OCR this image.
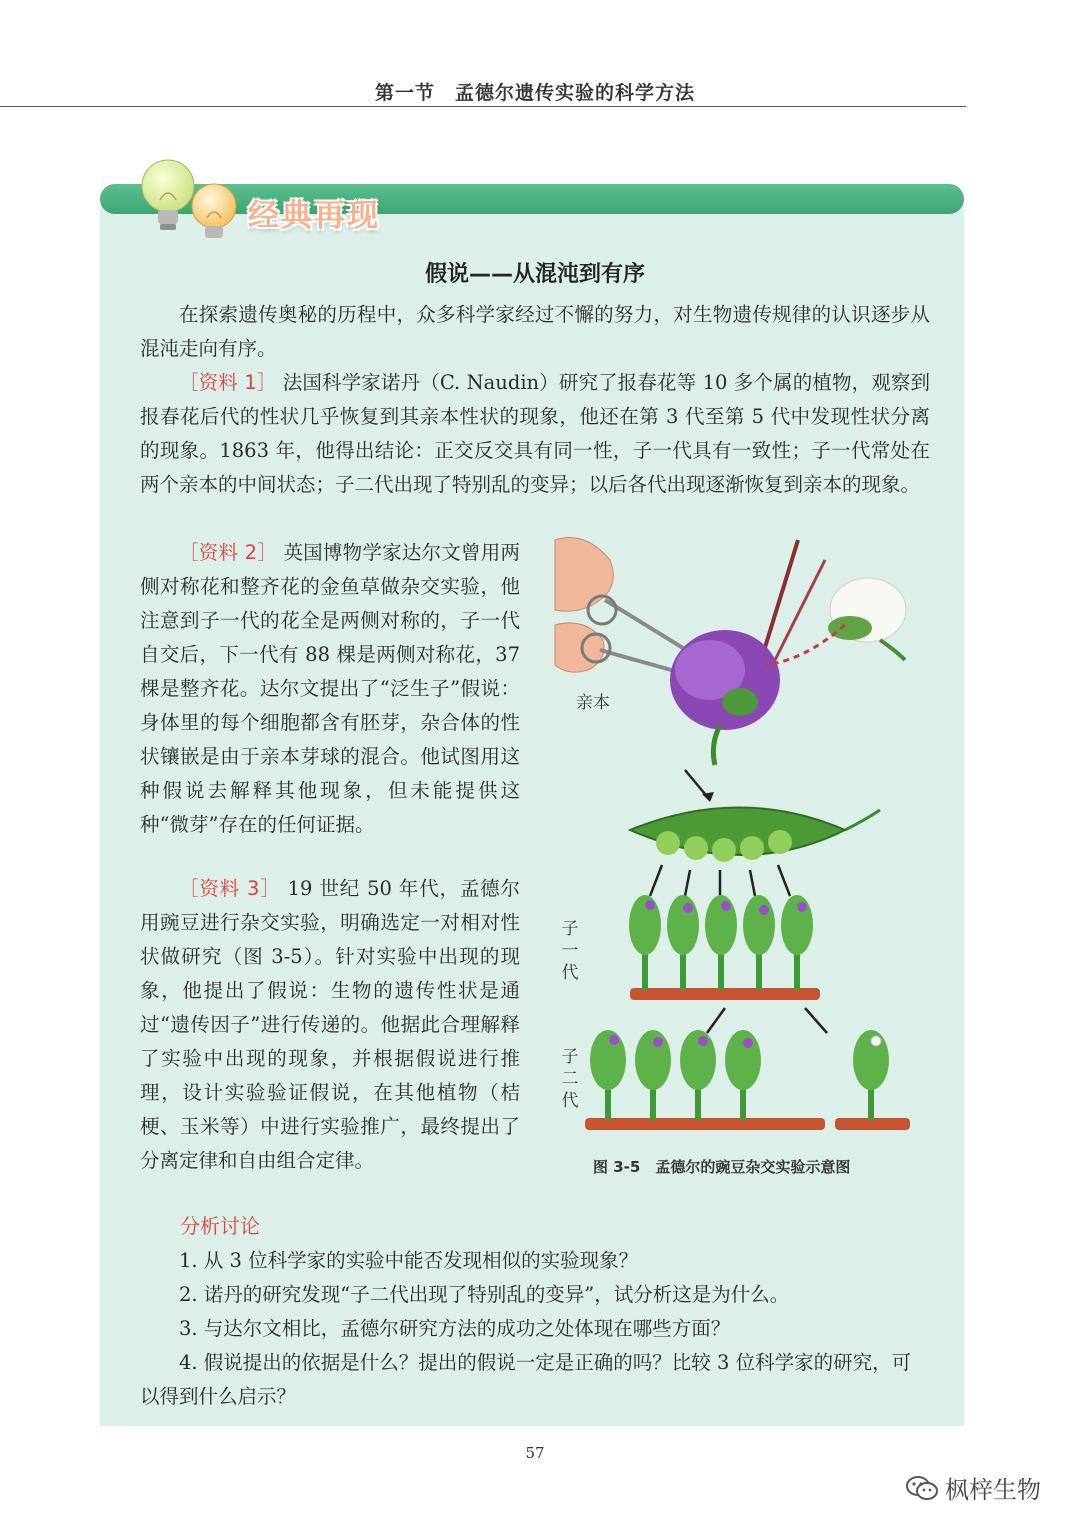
第一节　孟德尔遗传实验的科学方法
经典再现
假说——从混沌到有序

在探索遗传奥秘的历程中，众多科学家经过不懈的努力，对生物遗传规律的认识逐步从混沌走向有序。

［资料 1］ 法国科学家诺丹（C. Naudin）研究了报春花等 10 多个属的植物，观察到报春花后代的性状几乎恢复到其亲本性状的现象，他还在第 3 代至第 5 代中发现性状分离的现象。1863 年，他得出结论：正交反交具有同一性，子一代具有一致性；子一代常处在两个亲本的中间状态；子二代出现了特别乱的变异；以后各代出现逐渐恢复到亲本的现象。

［资料 2］ 英国博物学家达尔文曾用两侧对称花和整齐花的金鱼草做杂交实验，他注意到子一代的花全是两侧对称的，子一代自交后，下一代有 88 棵是两侧对称花，37 棵是整齐花。达尔文提出了“泛生子”假说：身体里的每个细胞都含有胚芽，杂合体的性状镶嵌是由于亲本芽球的混合。他试图用这种假说去解释其他现象，但未能提供这种“微芽”存在的任何证据。

［资料 3］ 19 世纪 50 年代，孟德尔用豌豆进行杂交实验，明确选定一对相对性状做研究（图 3-5）。针对实验中出现的现象，他提出了假说：生物的遗传性状是通过“遗传因子”进行传递的。他据此合理解释了实验中出现的现象，并根据假说进行推理，设计实验验证假说，在其他植物（桔梗、玉米等）中进行实验推广，最终提出了分离定律和自由组合定律。

亲本
子
一
代
子
二
代
图 3-5　孟德尔的豌豆杂交实验示意图
分析讨论

1. 从 3 位科学家的实验中能否发现相似的实验现象？

2. 诺丹的研究发现“子二代出现了特别乱的变异”，试分析这是为什么。

3. 与达尔文相比，孟德尔研究方法的成功之处体现在哪些方面？

4. 假说提出的依据是什么？提出的假说一定是正确的吗？比较 3 位科学家的研究，可以得到什么启示？

57
枫梓生物
